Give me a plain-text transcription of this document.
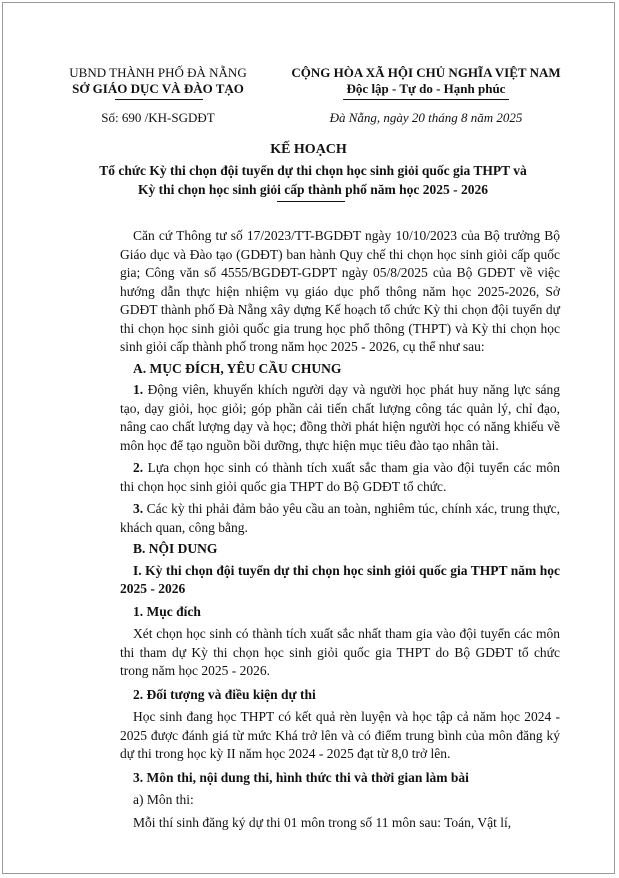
UBND THÀNH PHỐ ĐÀ NẴNG
SỞ GIÁO DỤC VÀ ĐÀO TẠO
Số: 690 /KH-SGDĐT
CỘNG HÒA XÃ HỘI CHỦ NGHĨA VIỆT NAM
Độc lập - Tự do - Hạnh phúc
Đà Nẵng, ngày 20 tháng 8 năm 2025
KẾ HOẠCH
Tổ chức Kỳ thi chọn đội tuyển dự thi chọn học sinh giỏi quốc gia THPT và
Kỳ thi chọn học sinh giỏi cấp thành phố năm học 2025 - 2026

Căn cứ Thông tư số 17/2023/TT-BGDĐT ngày 10/10/2023 của Bộ trưởng Bộ Giáo dục và Đào tạo (GDĐT) ban hành Quy chế thi chọn học sinh giỏi cấp quốc gia; Công văn số 4555/BGDĐT-GDPT ngày 05/8/2025 của Bộ GDĐT về việc hướng dẫn thực hiện nhiệm vụ giáo dục phổ thông năm học 2025-2026, Sở GDĐT thành phố Đà Nẵng xây dựng Kế hoạch tổ chức Kỳ thi chọn đội tuyển dự thi chọn học sinh giỏi quốc gia trung học phổ thông (THPT) và Kỳ thi chọn học sinh giỏi cấp thành phố trong năm học 2025 - 2026, cụ thể như sau:

A. MỤC ĐÍCH, YÊU CẦU CHUNG

1. Động viên, khuyến khích người dạy và người học phát huy năng lực sáng tạo, dạy giỏi, học giỏi; góp phần cải tiến chất lượng công tác quản lý, chỉ đạo, nâng cao chất lượng dạy và học; đồng thời phát hiện người học có năng khiếu về môn học để tạo nguồn bồi dưỡng, thực hiện mục tiêu đào tạo nhân tài.

2. Lựa chọn học sinh có thành tích xuất sắc tham gia vào đội tuyển các môn thi chọn học sinh giỏi quốc gia THPT do Bộ GDĐT tổ chức.

3. Các kỳ thi phải đảm bảo yêu cầu an toàn, nghiêm túc, chính xác, trung thực, khách quan, công bằng.

B. NỘI DUNG

I. Kỳ thi chọn đội tuyển dự thi chọn học sinh giỏi quốc gia THPT năm học 2025 - 2026

1. Mục đích

Xét chọn học sinh có thành tích xuất sắc nhất tham gia vào đội tuyển các môn thi tham dự Kỳ thi chọn học sinh giỏi quốc gia THPT do Bộ GDĐT tổ chức trong năm học 2025 - 2026.

2. Đối tượng và điều kiện dự thi

Học sinh đang học THPT có kết quả rèn luyện và học tập cả năm học 2024 - 2025 được đánh giá từ mức Khá trở lên và có điểm trung bình của môn đăng ký dự thi trong học kỳ II năm học 2024 - 2025 đạt từ 8,0 trở lên.

3. Môn thi, nội dung thi, hình thức thi và thời gian làm bài

a) Môn thi:

Mỗi thí sinh đăng ký dự thi 01 môn trong số 11 môn sau: Toán, Vật lí,
